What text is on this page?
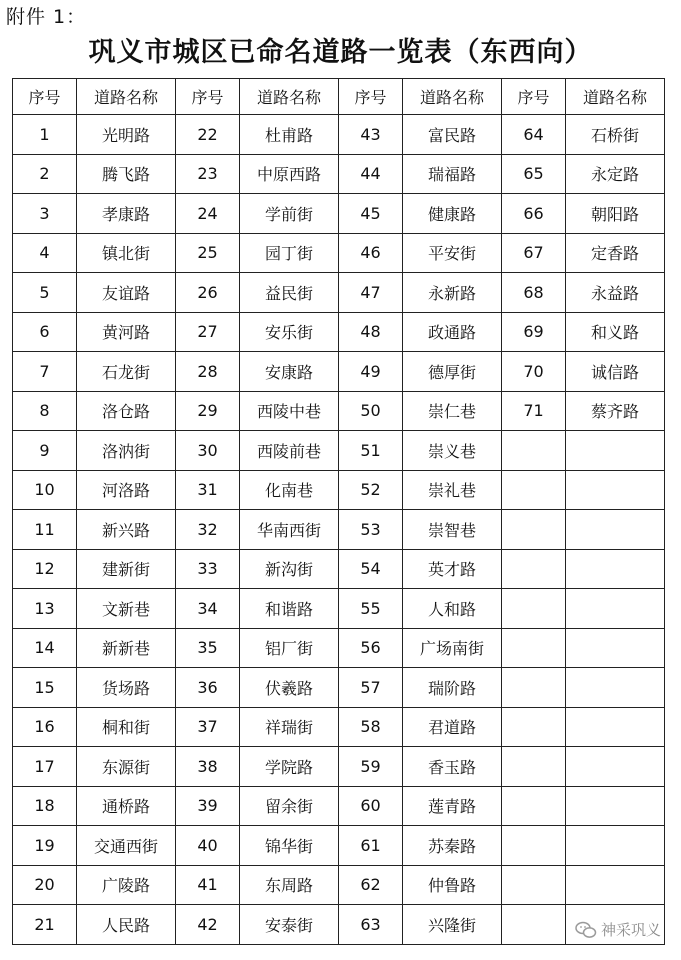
附件 1：
巩义市城区已命名道路一览表（东西向）
序号	道路名称	序号	道路名称	序号	道路名称	序号	道路名称
1	光明路	22	杜甫路	43	富民路	64	石桥街
2	腾飞路	23	中原西路	44	瑞福路	65	永定路
3	孝康路	24	学前街	45	健康路	66	朝阳路
4	镇北街	25	园丁街	46	平安街	67	定香路
5	友谊路	26	益民街	47	永新路	68	永益路
6	黄河路	27	安乐街	48	政通路	69	和义路
7	石龙街	28	安康路	49	德厚街	70	诚信路
8	洛仓路	29	西陵中巷	50	崇仁巷	71	蔡齐路
9	洛汭街	30	西陵前巷	51	崇义巷		
10	河洛路	31	化南巷	52	崇礼巷		
11	新兴路	32	华南西街	53	崇智巷		
12	建新街	33	新沟街	54	英才路		
13	文新巷	34	和谐路	55	人和路		
14	新新巷	35	铝厂街	56	广场南街		
15	货场路	36	伏羲路	57	瑞阶路		
16	桐和街	37	祥瑞街	58	君道路		
17	东源街	38	学院路	59	香玉路		
18	通桥路	39	留余街	60	莲青路		
19	交通西街	40	锦华街	61	苏秦路		
20	广陵路	41	东周路	62	仲鲁路		
21	人民路	42	安泰街	63	兴隆街			神采巩义
